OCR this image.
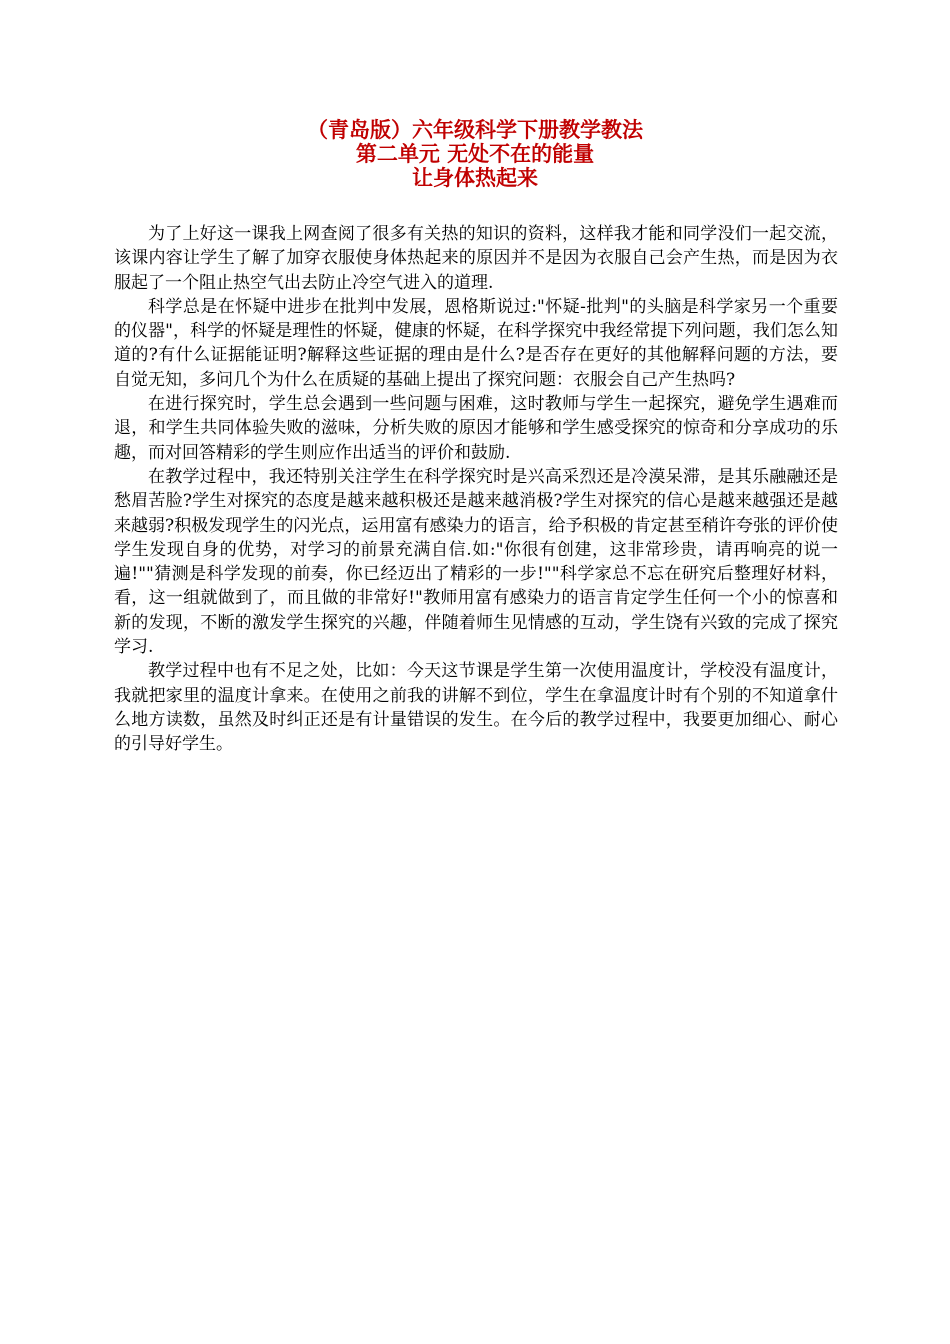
（青岛版）六年级科学下册教学教法
第二单元 无处不在的能量
让身体热起来

为了上好这一课我上网查阅了很多有关热的知识的资料，这样我才能和同学没们一起交流，该课内容让学生了解了加穿衣服使身体热起来的原因并不是因为衣服自己会产生热，而是因为衣服起了一个阻止热空气出去防止冷空气进入的道理.

科学总是在怀疑中进步在批判中发展，恩格斯说过:"怀疑-批判"的头脑是科学家另一个重要的仪器"，科学的怀疑是理性的怀疑，健康的怀疑，在科学探究中我经常提下列问题，我们怎么知道的?有什么证据能证明?解释这些证据的理由是什么?是否存在更好的其他解释问题的方法，要自觉无知，多问几个为什么在质疑的基础上提出了探究问题：衣服会自己产生热吗?

在进行探究时，学生总会遇到一些问题与困难，这时教师与学生一起探究，避免学生遇难而退，和学生共同体验失败的滋味，分析失败的原因才能够和学生感受探究的惊奇和分享成功的乐趣，而对回答精彩的学生则应作出适当的评价和鼓励.

在教学过程中，我还特别关注学生在科学探究时是兴高采烈还是冷漠呆滞，是其乐融融还是愁眉苦脸?学生对探究的态度是越来越积极还是越来越消极?学生对探究的信心是越来越强还是越来越弱?积极发现学生的闪光点，运用富有感染力的语言，给予积极的肯定甚至稍许夸张的评价使学生发现自身的优势，对学习的前景充满自信.如:"你很有创建，这非常珍贵，请再响亮的说一遍!""猜测是科学发现的前奏，你已经迈出了精彩的一步!""科学家总不忘在研究后整理好材料，看，这一组就做到了，而且做的非常好!"教师用富有感染力的语言肯定学生任何一个小的惊喜和新的发现，不断的激发学生探究的兴趣，伴随着师生见情感的互动，学生饶有兴致的完成了探究学习.

教学过程中也有不足之处，比如：今天这节课是学生第一次使用温度计，学校没有温度计，我就把家里的温度计拿来。在使用之前我的讲解不到位，学生在拿温度计时有个别的不知道拿什么地方读数，虽然及时纠正还是有计量错误的发生。在今后的教学过程中，我要更加细心、耐心的引导好学生。
